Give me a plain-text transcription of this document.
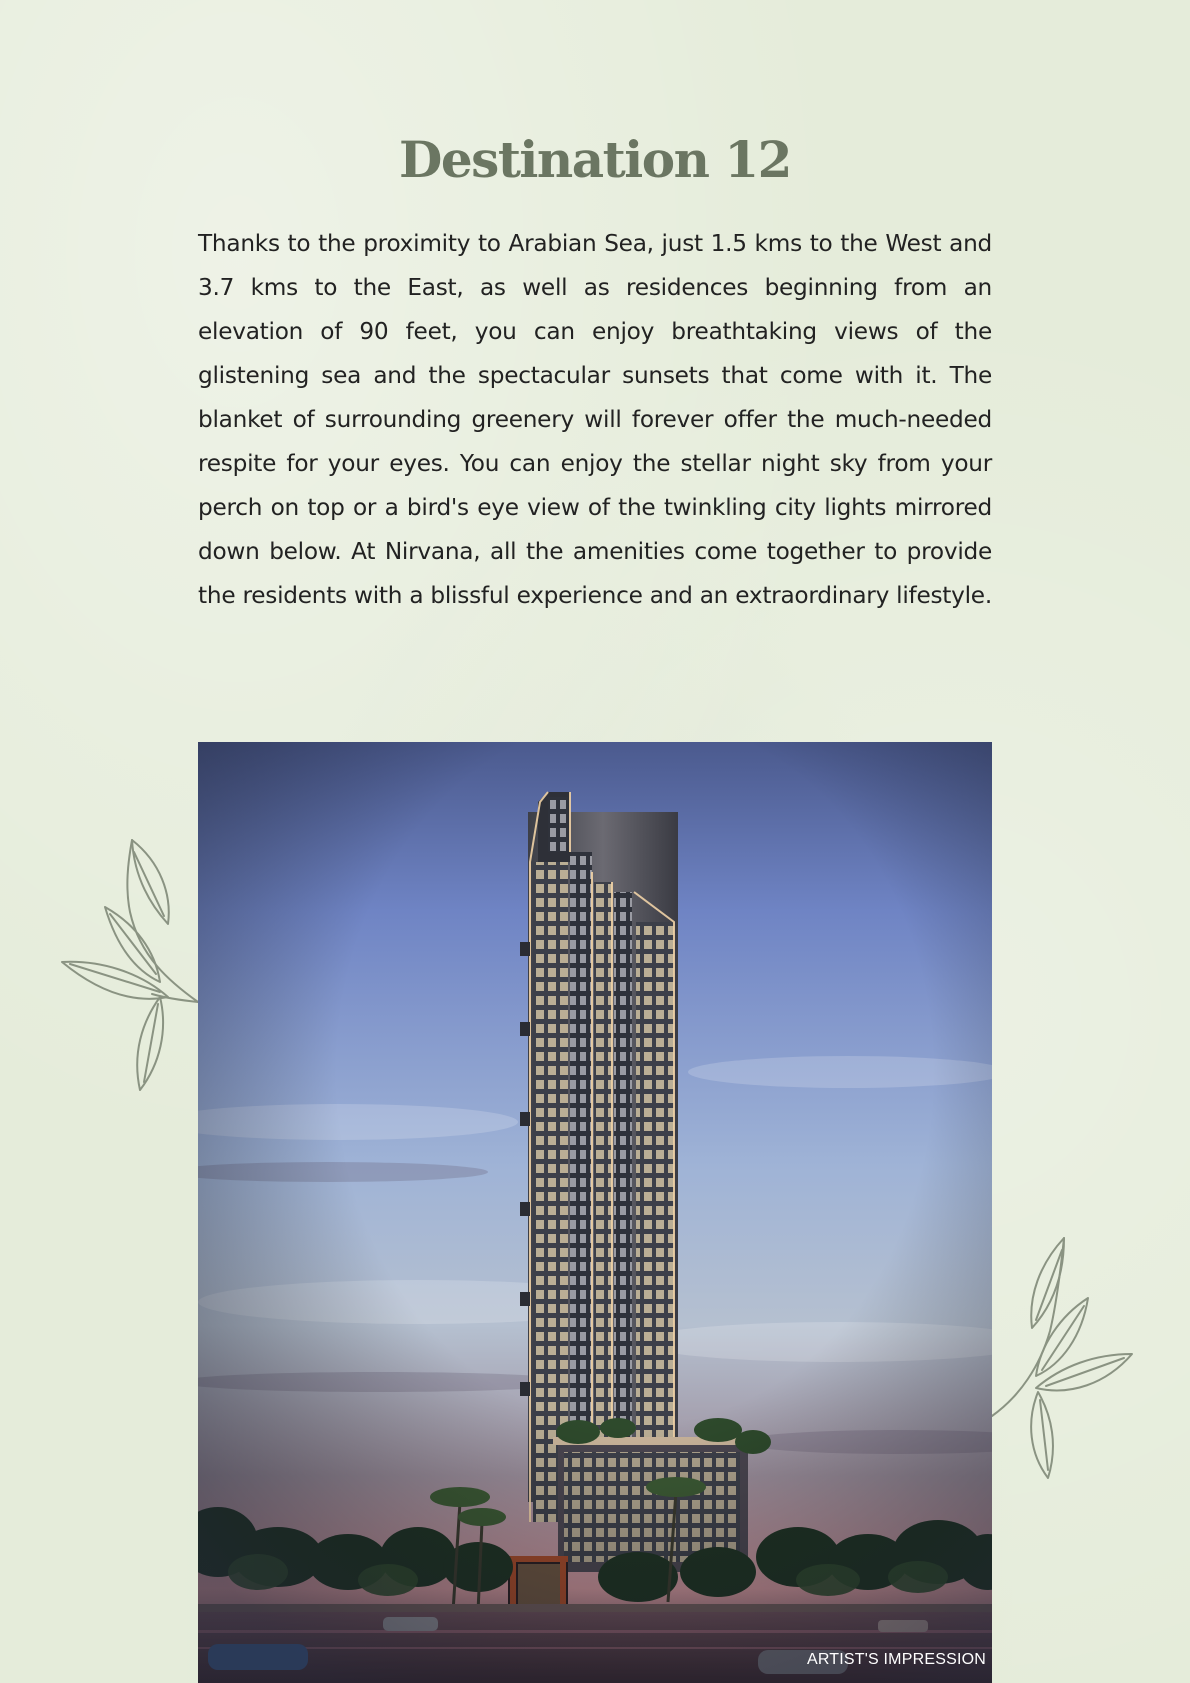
Destination 12

Thanks to the proximity to Arabian Sea, just 1.5 kms to the West and 3.7 kms to the East, as well as residences beginning from an elevation of 90 feet, you can enjoy breathtaking views of the glistening sea and the spectacular sunsets that come with it. The blanket of surrounding greenery will forever offer the much-needed respite for your eyes. You can enjoy the stellar night sky from your perch on top or a bird's eye view of the twinkling city lights mirrored down below. At Nirvana, all the amenities come together to provide the residents with a blissful experience and an extraordinary lifestyle.

ARTIST'S IMPRESSION
